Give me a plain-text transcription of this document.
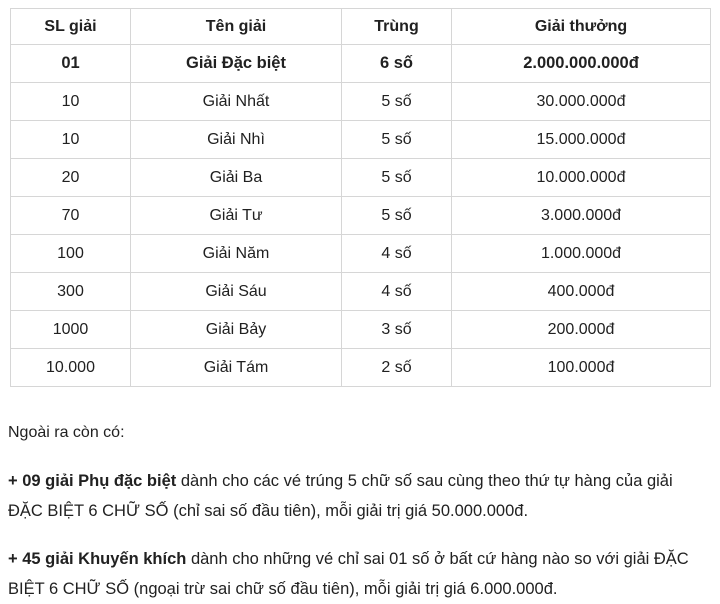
SL giải	Tên giải	Trùng	Giải thưởng
01	Giải Đặc biệt	6 số	2.000.000.000đ
10	Giải Nhất	5 số	30.000.000đ
10	Giải Nhì	5 số	15.000.000đ
20	Giải Ba	5 số	10.000.000đ
70	Giải Tư	5 số	3.000.000đ
100	Giải Năm	4 số	1.000.000đ
300	Giải Sáu	4 số	400.000đ
1000	Giải Bảy	3 số	200.000đ
10.000	Giải Tám	2 số	100.000đ

Ngoài ra còn có:

+ 09 giải Phụ đặc biệt dành cho các vé trúng 5 chữ số sau cùng theo thứ tự hàng của giải ĐẶC BIỆT 6 CHỮ SỐ (chỉ sai số đầu tiên), mỗi giải trị giá 50.000.000đ.

+ 45 giải Khuyến khích dành cho những vé chỉ sai 01 số ở bất cứ hàng nào so với giải ĐẶC BIỆT 6 CHỮ SỐ (ngoại trừ sai chữ số đầu tiên), mỗi giải trị giá 6.000.000đ.
